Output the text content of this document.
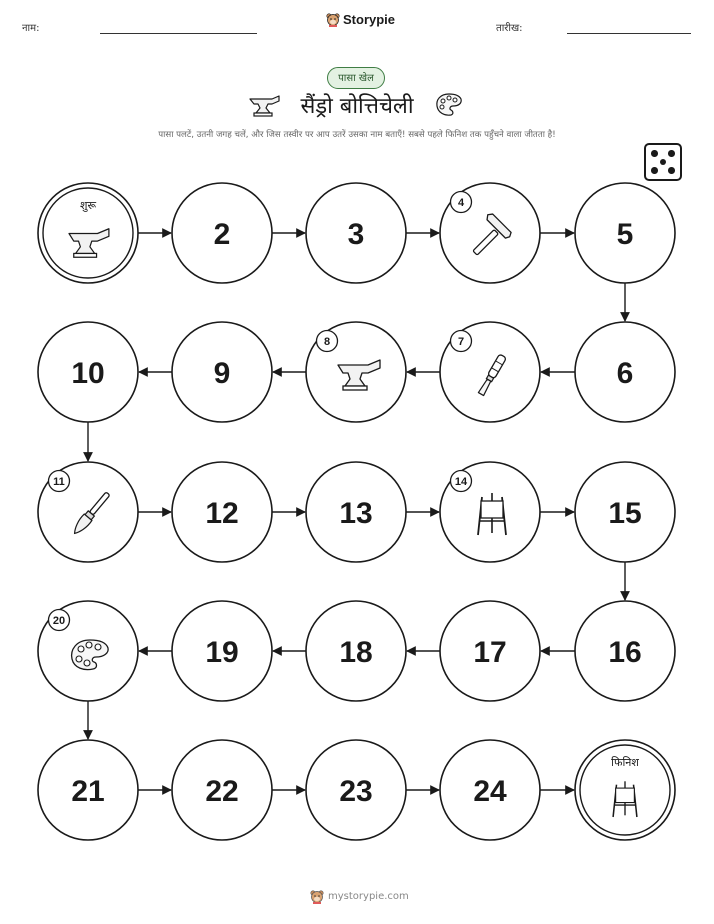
नाम:
Storypie
तारीख:
पासा खेल
सैंड्रो बोत्तिचेली
पासा पलटें, उतनी जगह चलें, और जिस तस्वीर पर आप उतरें उसका नाम बताएँ! सबसे पहले फिनिश तक पहुँचने वाला जीतता है!
शुरू
2	3
4
5
6
7
8
9
10
11
12	13
14
15
16
17
18
19
20
21	22	23	24
फिनिश
mystorypie.com
